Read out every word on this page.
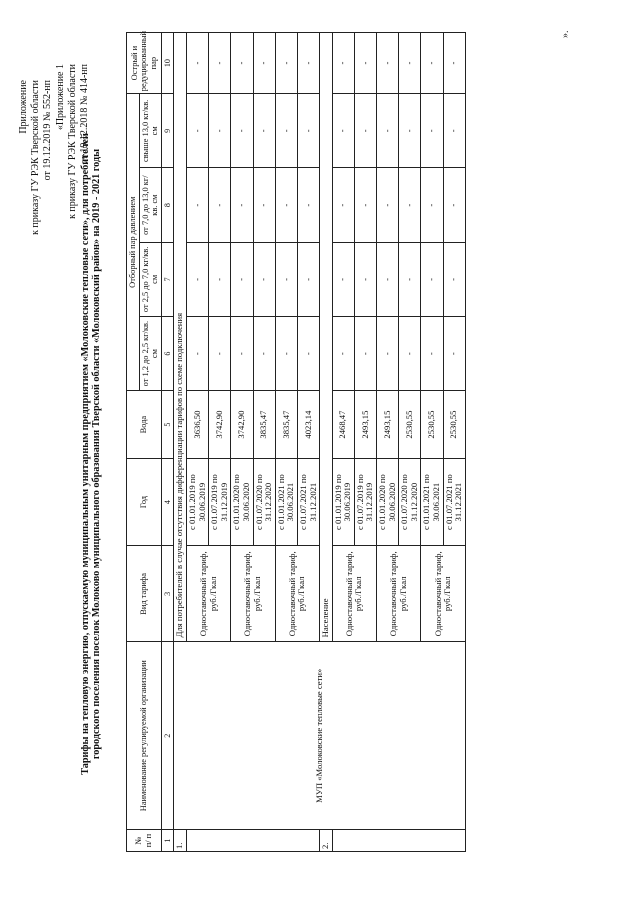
Приложение к приказу ГУ РЭК Тверской области от 19.12.2019 № 552-нп «Приложение 1 к приказу ГУ РЭК Тверской области от 19.12.2018 № 414-нп
Тарифы на тепловую энергию, отпускаемую муниципальным унитарным предприятием «Молоковские тепловые сети», для потребителей городского поселения поселок Молоково муниципального образования Тверской области «Молоковский район» на 2019 - 2021 годы
№ п/ п	Наименование регулируемой организации	Вид тарифа	Год	Вода	Отборный пар давлением				Острый и редуцированный пар
					от 1,2 до 2,5 кг/кв. см	от 2,5 до 7,0 кг/кв. см	от 7,0 до 13,0 кг/кв. см	свыше 13,0 кг/кв. см	
1	2	3	4	5	6	7	8	9	10
1.	МУП «Молоковские тепловые сети»	Для потребителей в случае отсутствия дифференциации тарифов по схеме подключения							
		Одноставочный тариф, руб./Гкал	с 01.01.2019 по 30.06.2019	3636,50	-	-	-	-	-
			с 01.07.2019 по 31.12.2019	3742,90	-	-	-	-	-
		Одноставочный тариф, руб./Гкал	с 01.01.2020 по 30.06.2020	3742,90	-	-	-	-	-
			с 01.07.2020 по 31.12.2020	3835,47	-	-	-	-	-
		Одноставочный тариф, руб./Гкал	с 01.01.2021 по 30.06.2021	3835,47	-	-	-	-	-
			с 01.07.2021 по 31.12.2021	4023,14	-	-	-	-	-
2.		Население							
		Одноставочный тариф, руб./Гкал	с 01.01.2019 по 30.06.2019	2468,47	-	-	-	-	-
			с 01.07.2019 по 31.12.2019	2493,15	-	-	-	-	-
		Одноставочный тариф, руб./Гкал	с 01.01.2020 по 30.06.2020	2493,15	-	-	-	-	-
			с 01.07.2020 по 31.12.2020	2530,55	-	-	-	-	-
		Одноставочный тариф, руб./Гкал	с 01.01.2021 по 30.06.2021	2530,55	-	-	-	-	-
			с 01.07.2021 по 31.12.2021	2530,55	-	-	-	-	-
».
